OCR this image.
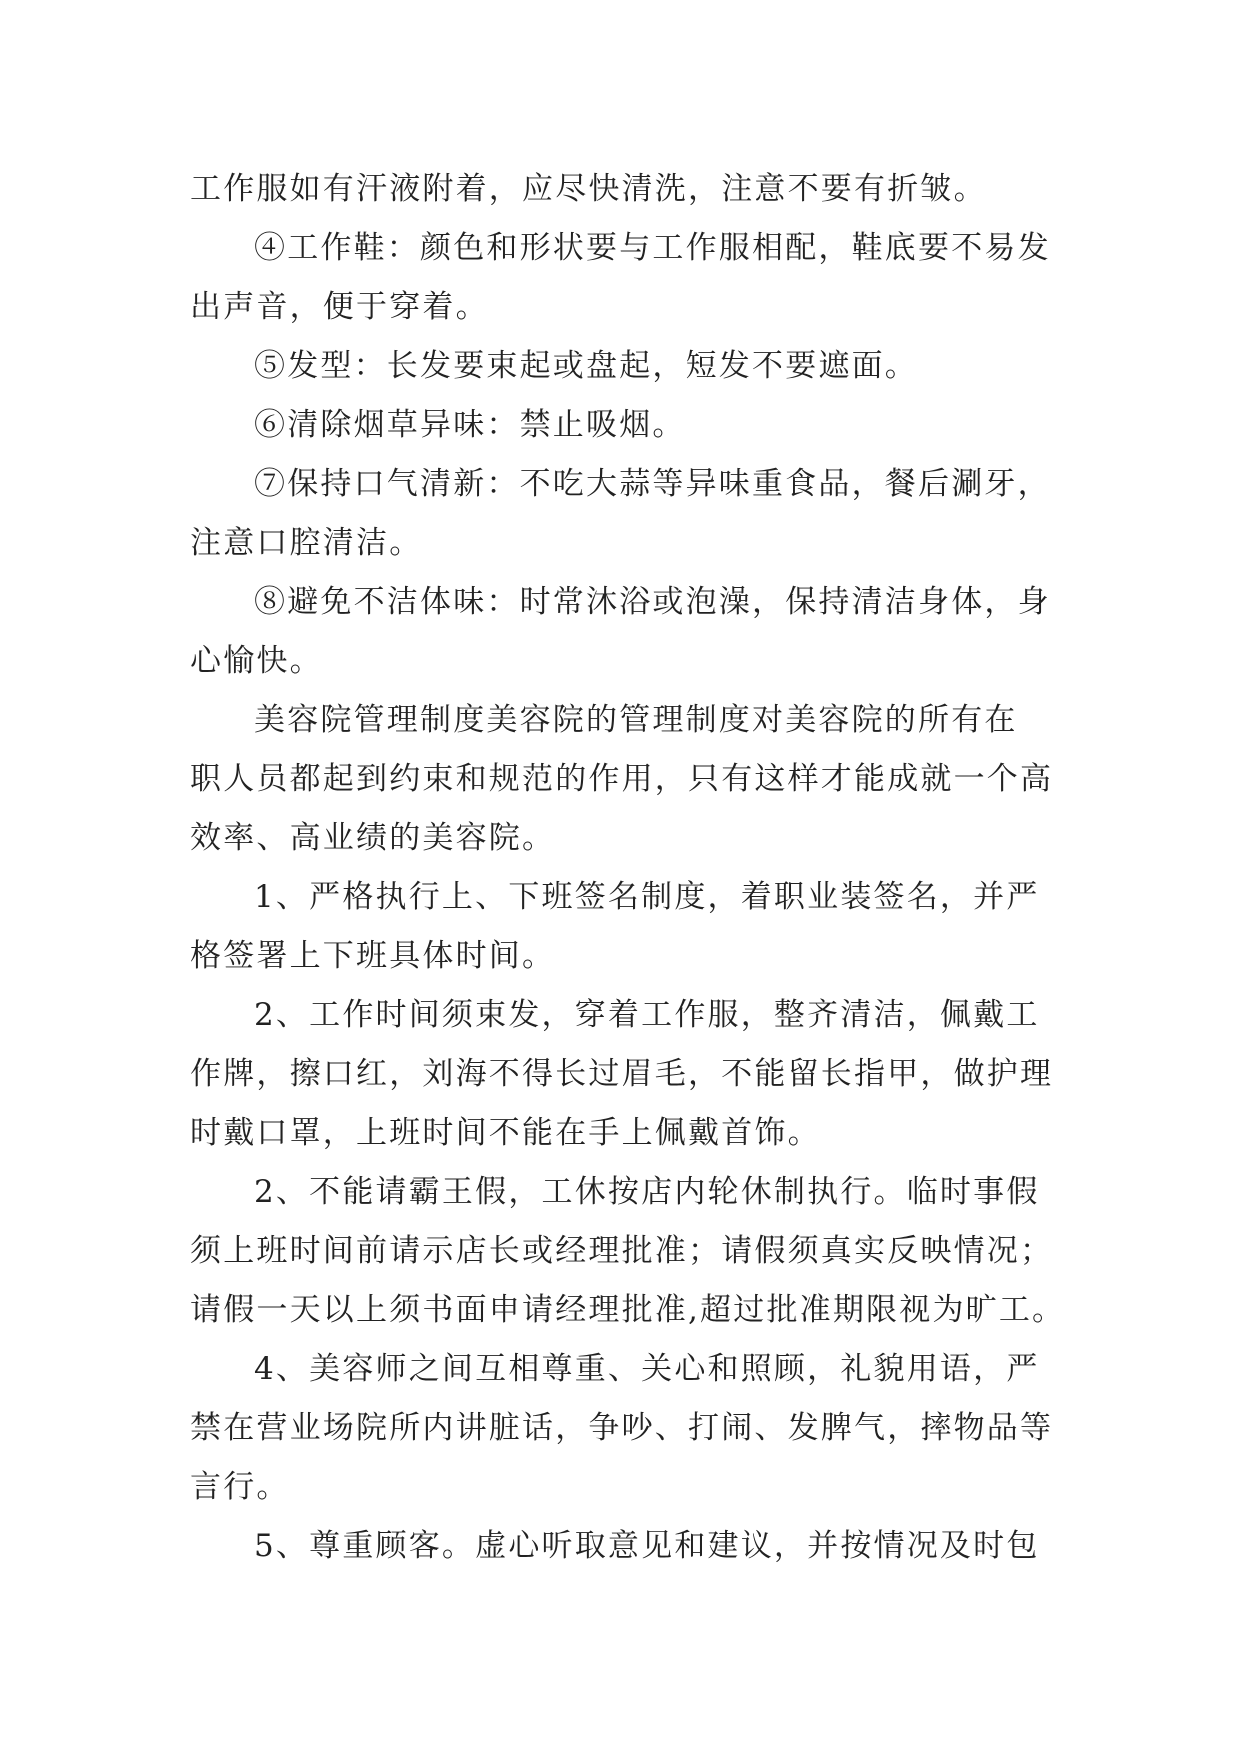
工作服如有汗液附着，应尽快清洗，注意不要有折皱。
④工作鞋：颜色和形状要与工作服相配，鞋底要不易发
出声音，便于穿着。
⑤发型：长发要束起或盘起，短发不要遮面。
⑥清除烟草异味：禁止吸烟。
⑦保持口气清新：不吃大蒜等异味重食品，餐后涮牙，
注意口腔清洁。
⑧避免不洁体味：时常沐浴或泡澡，保持清洁身体，身
心愉快。
美容院管理制度美容院的管理制度对美容院的所有在
职人员都起到约束和规范的作用，只有这样才能成就一个高
效率、高业绩的美容院。
1、严格执行上、下班签名制度，着职业装签名，并严
格签署上下班具体时间。
2、工作时间须束发，穿着工作服，整齐清洁，佩戴工
作牌，擦口红，刘海不得长过眉毛，不能留长指甲，做护理
时戴口罩，上班时间不能在手上佩戴首饰。
2、不能请霸王假，工休按店内轮休制执行。临时事假
须上班时间前请示店长或经理批准；请假须真实反映情况；
请假一天以上须书面申请经理批准,超过批准期限视为旷工。
4、美容师之间互相尊重、关心和照顾，礼貌用语，严
禁在营业场院所内讲脏话，争吵、打闹、发脾气，摔物品等
言行。
5、尊重顾客。虚心听取意见和建议，并按情况及时包
